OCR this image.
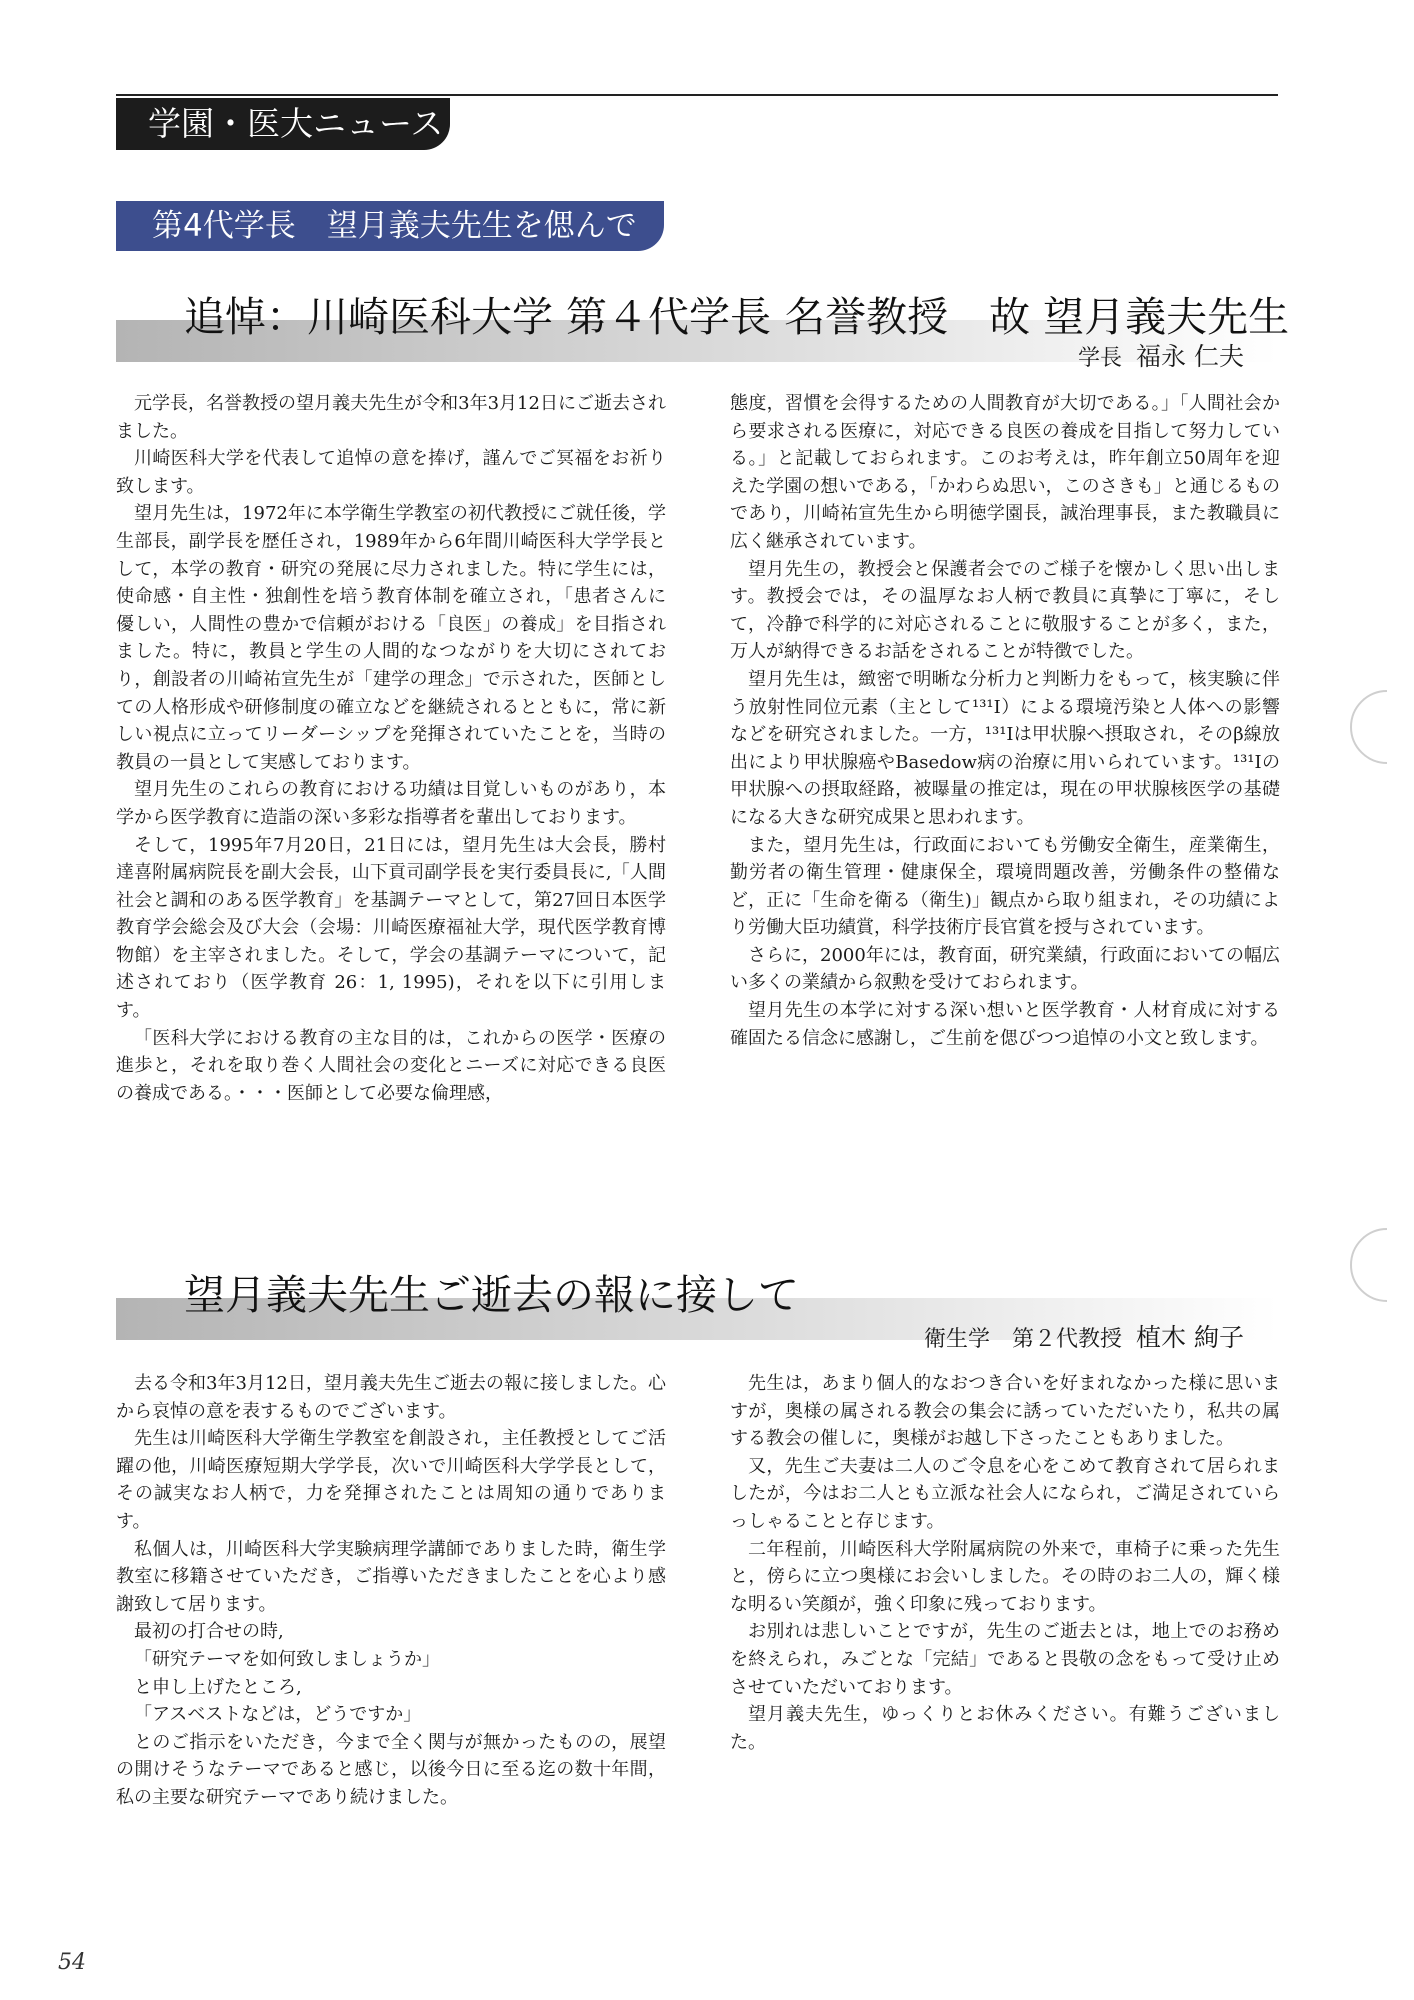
学園・医大ニュース
第4代学長　望月義夫先生を偲んで
追悼：川崎医科大学 第４代学長 名誉教授　故 望月義夫先生
学長 福永 仁夫

元学長，名誉教授の望月義夫先生が令和3年3月12日にご逝去されました。

川崎医科大学を代表して追悼の意を捧げ，謹んでご冥福をお祈り致します。

望月先生は，1972年に本学衛生学教室の初代教授にご就任後，学生部長，副学長を歴任され，1989年から6年間川崎医科大学学長として，本学の教育・研究の発展に尽力されました。特に学生には，使命感・自主性・独創性を培う教育体制を確立され，「患者さんに優しい，人間性の豊かで信頼がおける「良医」の養成」を目指されました。特に，教員と学生の人間的なつながりを大切にされており，創設者の川崎祐宣先生が「建学の理念」で示された，医師としての人格形成や研修制度の確立などを継続されるとともに，常に新しい視点に立ってリーダーシップを発揮されていたことを，当時の教員の一員として実感しております。

望月先生のこれらの教育における功績は目覚しいものがあり，本学から医学教育に造詣の深い多彩な指導者を輩出しております。

そして，1995年7月20日，21日には，望月先生は大会長，勝村達喜附属病院長を副大会長，山下貢司副学長を実行委員長に,「人間社会と調和のある医学教育」を基調テーマとして，第27回日本医学教育学会総会及び大会（会場：川崎医療福祉大学，現代医学教育博物館）を主宰されました。そして，学会の基調テーマについて，記述されており（医学教育 26：1, 1995)，それを以下に引用します。

「医科大学における教育の主な目的は，これからの医学・医療の進歩と，それを取り巻く人間社会の変化とニーズに対応できる良医の養成である。・・・医師として必要な倫理感，

態度，習慣を会得するための人間教育が大切である。」「人間社会から要求される医療に，対応できる良医の養成を目指して努力している。」と記載しておられます。このお考えは，昨年創立50周年を迎えた学園の想いである，「かわらぬ思い，このさきも」と通じるものであり，川崎祐宣先生から明徳学園長，誠治理事長，また教職員に広く継承されています。

望月先生の，教授会と保護者会でのご様子を懐かしく思い出します。教授会では，その温厚なお人柄で教員に真摯に丁寧に，そして，冷静で科学的に対応されることに敬服することが多く，また，万人が納得できるお話をされることが特徴でした。

望月先生は，緻密で明晰な分析力と判断力をもって，核実験に伴う放射性同位元素（主として¹³¹I）による環境汚染と人体への影響などを研究されました。一方，¹³¹Iは甲状腺へ摂取され，そのβ線放出により甲状腺癌やBasedow病の治療に用いられています。¹³¹Iの甲状腺への摂取経路，被曝量の推定は，現在の甲状腺核医学の基礎になる大きな研究成果と思われます。

また，望月先生は，行政面においても労働安全衛生，産業衛生，勤労者の衛生管理・健康保全，環境問題改善，労働条件の整備など，正に「生命を衛る（衛生)」観点から取り組まれ，その功績により労働大臣功績賞，科学技術庁長官賞を授与されています。

さらに，2000年には，教育面，研究業績，行政面においての幅広い多くの業績から叙勲を受けておられます。

望月先生の本学に対する深い想いと医学教育・人材育成に対する確固たる信念に感謝し，ご生前を偲びつつ追悼の小文と致します。

望月義夫先生ご逝去の報に接して
衛生学　第２代教授 植木 絢子

去る令和3年3月12日，望月義夫先生ご逝去の報に接しました。心から哀悼の意を表するものでございます。

先生は川崎医科大学衛生学教室を創設され，主任教授としてご活躍の他，川崎医療短期大学学長，次いで川崎医科大学学長として，その誠実なお人柄で，力を発揮されたことは周知の通りであります。

私個人は，川崎医科大学実験病理学講師でありました時，衛生学教室に移籍させていただき，ご指導いただきましたことを心より感謝致して居ります。

最初の打合せの時,

「研究テーマを如何致しましょうか」

と申し上げたところ,

「アスベストなどは，どうですか」

とのご指示をいただき，今まで全く関与が無かったものの，展望の開けそうなテーマであると感じ，以後今日に至る迄の数十年間，私の主要な研究テーマであり続けました。

先生は，あまり個人的なおつき合いを好まれなかった様に思いますが，奥様の属される教会の集会に誘っていただいたり，私共の属する教会の催しに，奥様がお越し下さったこともありました。

又，先生ご夫妻は二人のご令息を心をこめて教育されて居られましたが，今はお二人とも立派な社会人になられ，ご満足されていらっしゃることと存じます。

二年程前，川崎医科大学附属病院の外来で，車椅子に乗った先生と，傍らに立つ奥様にお会いしました。その時のお二人の，輝く様な明るい笑顔が，強く印象に残っております。

お別れは悲しいことですが，先生のご逝去とは，地上でのお務めを終えられ，みごとな「完結」であると畏敬の念をもって受け止めさせていただいております。

望月義夫先生，ゆっくりとお休みください。有難うございました。

54
